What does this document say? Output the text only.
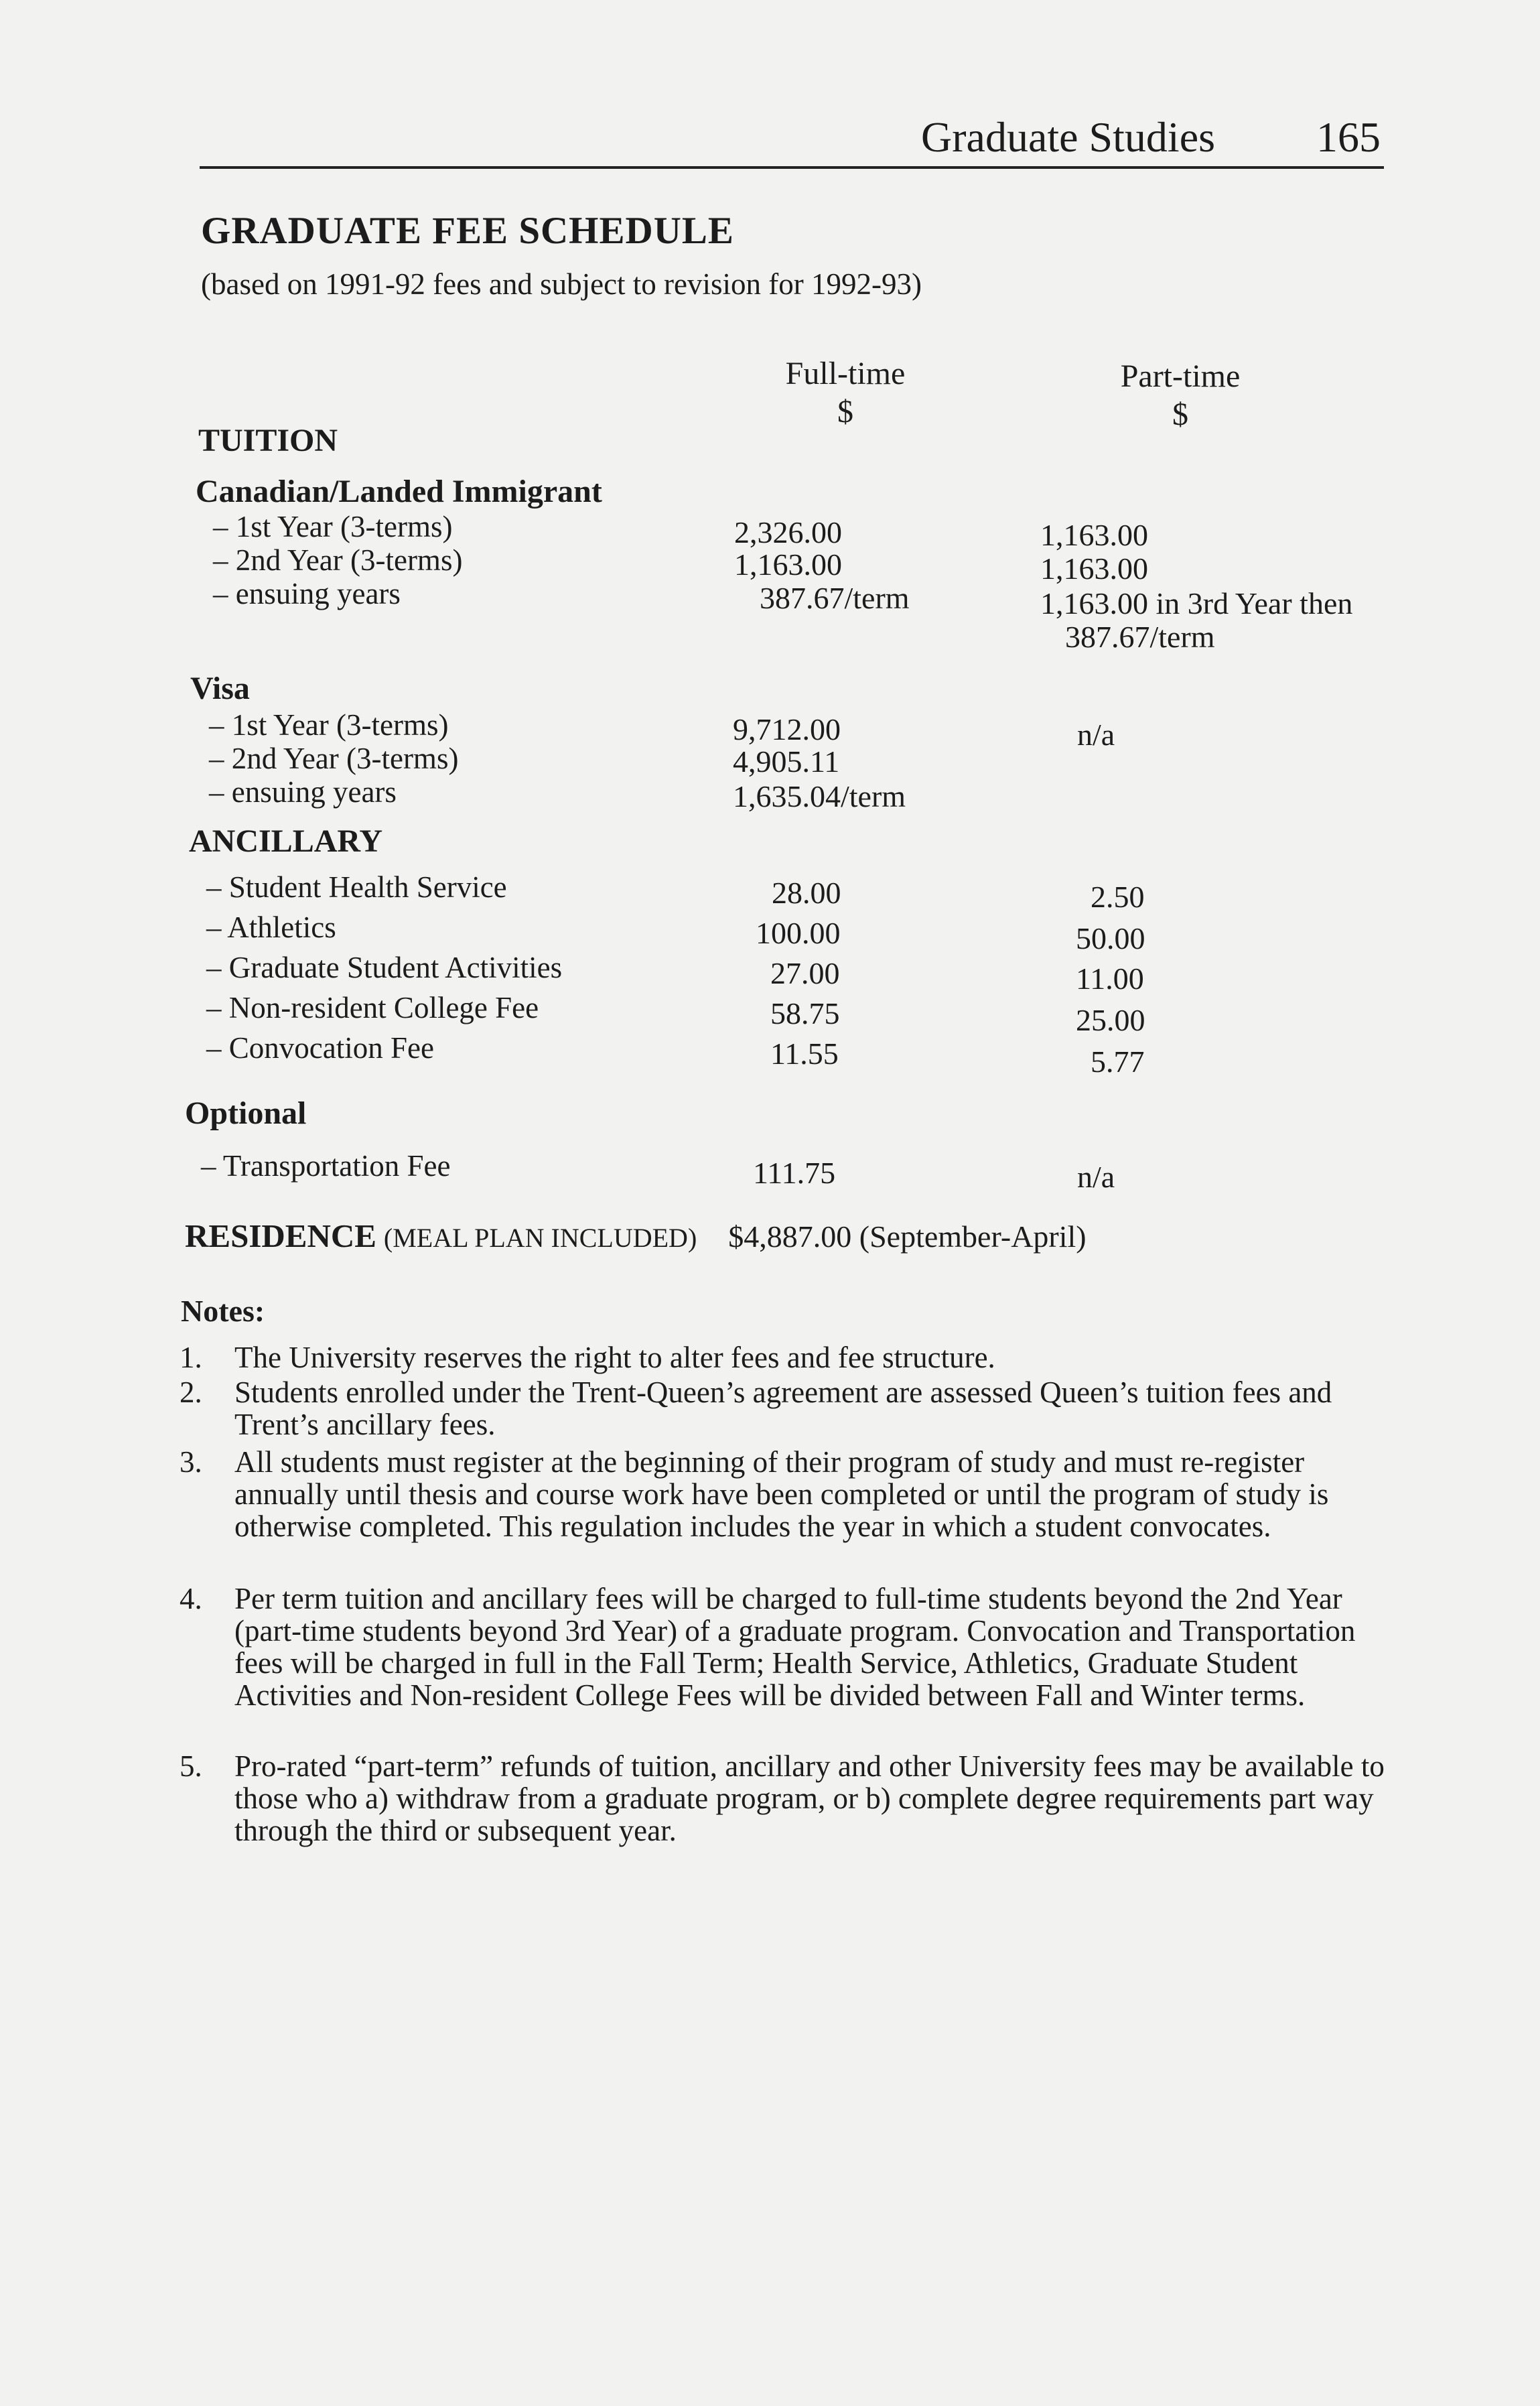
Graduate Studies 165
GRADUATE FEE SCHEDULE
(based on 1991-92 fees and subject to revision for 1992-93)
Full-time
$
Part-time
$
TUITION
Canadian/Landed Immigrant
– 1st Year (3-terms)	2,326.00	1,163.00
– 2nd Year (3-terms)	1,163.00	1,163.00
– ensuing years	387.67/term	1,163.00 in 3rd Year then
387.67/term
Visa
– 1st Year (3-terms)	9,712.00	n/a
– 2nd Year (3-terms)	4,905.11
– ensuing years	1,635.04/term
ANCILLARY
– Student Health Service	28.00	2.50
– Athletics	100.00	50.00
– Graduate Student Activities	27.00	11.00
– Non-resident College Fee	58.75	25.00
– Convocation Fee	11.55	5.77
Optional
– Transportation Fee	111.75	n/a
RESIDENCE (MEAL PLAN INCLUDED) $4,887.00 (September-April)
Notes:
1. The University reserves the right to alter fees and fee structure.
2. Students enrolled under the Trent-Queen’s agreement are assessed Queen’s tuition fees and Trent’s ancillary fees.
3. All students must register at the beginning of their program of study and must re-register annually until thesis and course work have been completed or until the program of study is otherwise completed. This regulation includes the year in which a student convocates.
4. Per term tuition and ancillary fees will be charged to full-time students beyond the 2nd Year (part-time students beyond 3rd Year) of a graduate program. Convocation and Transportation fees will be charged in full in the Fall Term; Health Service, Athletics, Graduate Student Activities and Non-resident College Fees will be divided between Fall and Winter terms.
5. Pro-rated “part-term” refunds of tuition, ancillary and other University fees may be available to those who a) withdraw from a graduate program, or b) complete degree requirements part way through the third or subsequent year.
